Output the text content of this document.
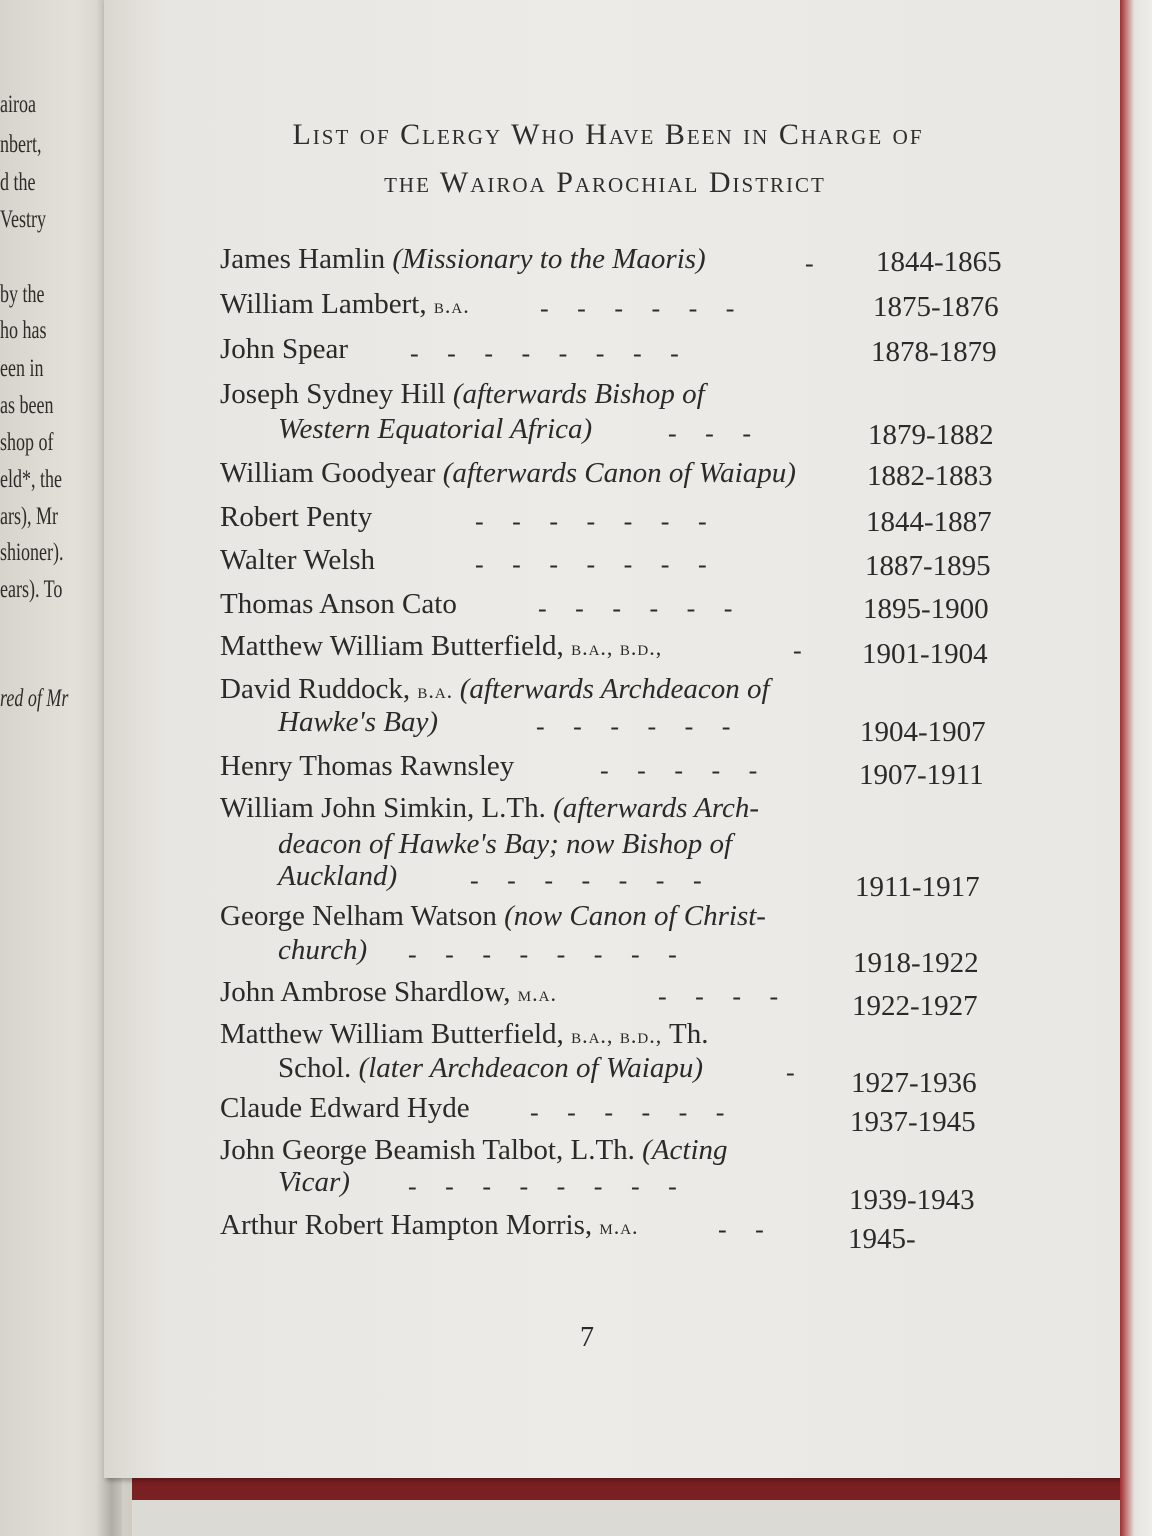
airoa
nbert,
d the
Vestry
by the
ho has
een in
as been
shop of
eld*, the
ars), Mr
shioner).
ears). To
red of Mr
List of Clergy Who Have Been in Charge of
the Wairoa Parochial District
James Hamlin (Missionary to the Maoris)	- 1844-1865
William Lambert, b.a.	- - - - - -	1875-1876
John Spear - - - - - - - -	1878-1879
Joseph Sydney Hill (afterwards Bishop of
Western Equatorial Africa)	- - -	1879-1882
William Goodyear (afterwards Canon of Waiapu) 1882-1883
Robert Penty	- - - - - - -	1844-1887
Walter Welsh	- - - - - - -	1887-1895
Thomas Anson Cato	- - - - - -	1895-1900
Matthew William Butterfield, b.a., b.d.,	- 1901-1904
David Ruddock, b.a. (afterwards Archdeacon of
Hawke's Bay)	- - - - - -	1904-1907
Henry Thomas Rawnsley	- - - - -	1907-1911
William John Simkin, L.Th. (afterwards Arch-
deacon of Hawke's Bay; now Bishop of
Auckland)	- - - - - - -	1911-1917
George Nelham Watson (now Canon of Christ-
church) - - - - - - - -	1918-1922
John Ambrose Shardlow, m.a.	- - - -	1922-1927
Matthew William Butterfield, b.a., b.d., Th.
Schol. (later Archdeacon of Waiapu)	- 1927-1936
Claude Edward Hyde - - - - - -	1937-1945
John George Beamish Talbot, L.Th. (Acting
Vicar) - - - - - - - -	1939-1943
Arthur Robert Hampton Morris, m.a.	- -	1945-
7
